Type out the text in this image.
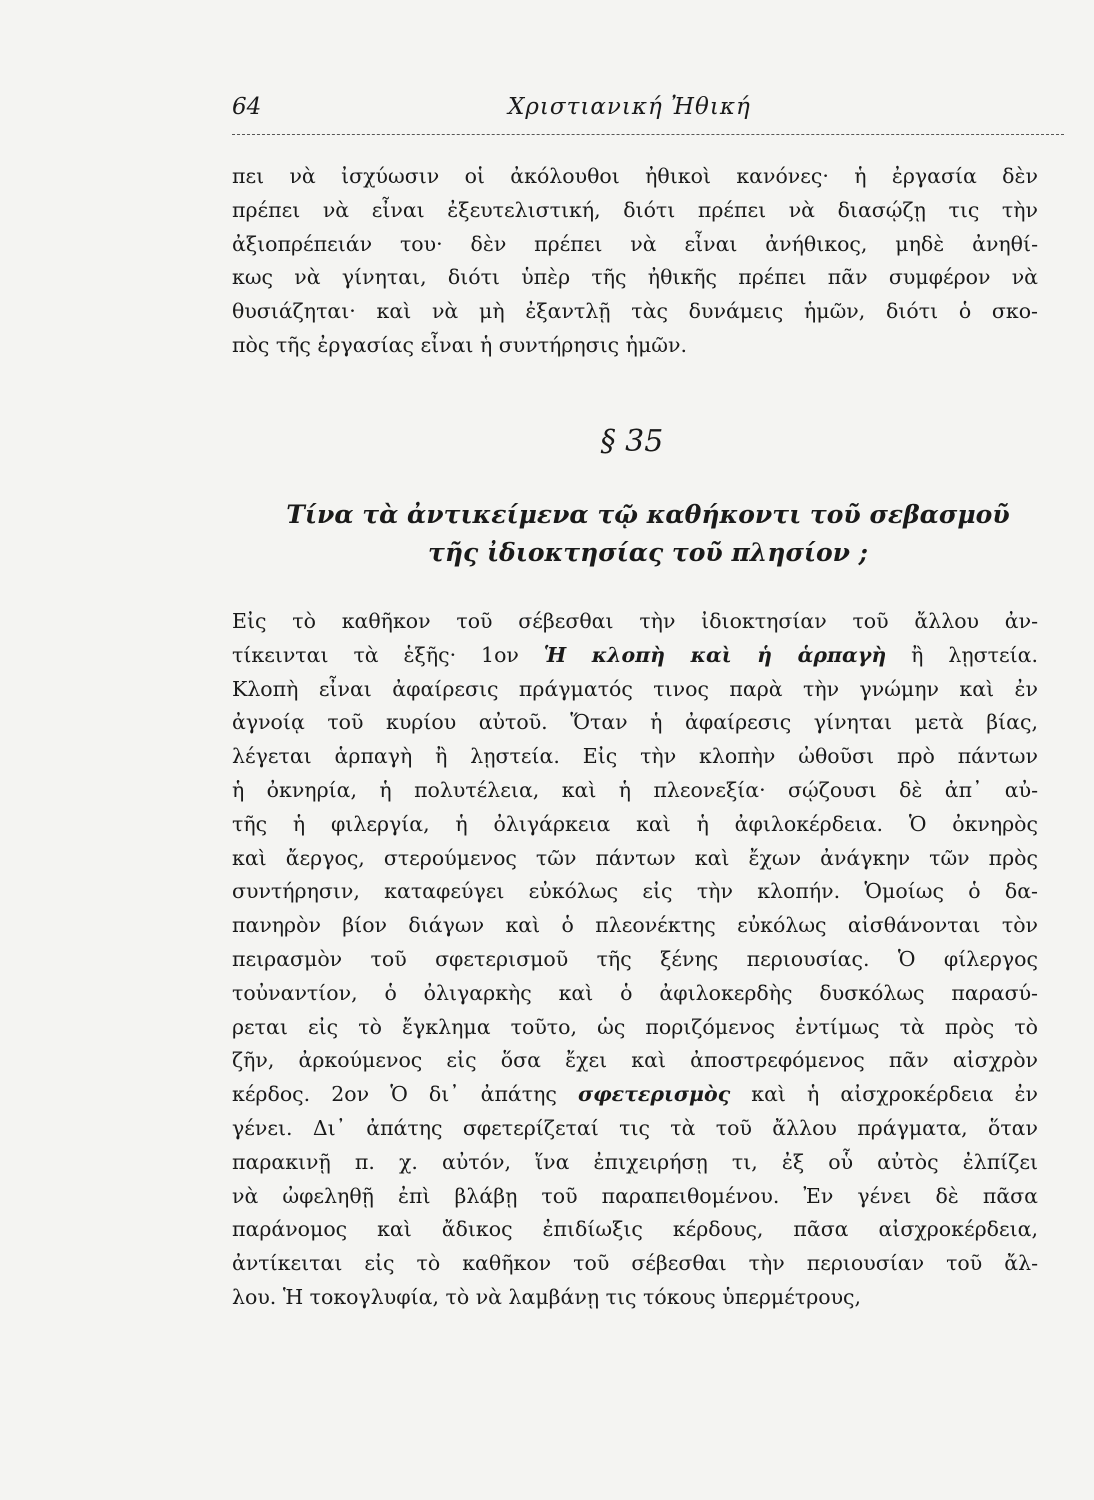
64	Χριστιανική Ἠθική
πει νὰ ἰσχύωσιν οἱ ἀκόλουθοι ἠθικοὶ κανόνες· ἡ ἐργασία δὲν
πρέπει νὰ εἶναι ἐξευτελιστική, διότι πρέπει νὰ διασῴζῃ τις τὴν
ἀξιοπρέπειάν του· δὲν πρέπει νὰ εἶναι ἀνήθικος, μηδὲ ἀνηθί-
κως νὰ γίνηται, διότι ὑπὲρ τῆς ἠθικῆς πρέπει πᾶν συμφέρον νὰ
θυσιάζηται· καὶ νὰ μὴ ἐξαντλῇ τὰς δυνάμεις ἡμῶν, διότι ὁ σκο-
πὸς τῆς ἐργασίας εἶναι ἡ συντήρησις ἡμῶν.
§ 35
Τίνα τὰ ἀντικείμενα τῷ καθήκοντι τοῦ σεβασμοῦ
τῆς ἰδιοκτησίας τοῦ πλησίον ;
Εἰς τὸ καθῆκον τοῦ σέβεσθαι τὴν ἰδιοκτησίαν τοῦ ἄλλου ἀν-
τίκεινται τὰ ἑξῆς· 1ον Ἡ κλοπὴ καὶ ἡ ἁρπαγὴ ἢ λῃστεία.
Κλοπὴ εἶναι ἀφαίρεσις πράγματός τινος παρὰ τὴν γνώμην καὶ ἐν
ἀγνοίᾳ τοῦ κυρίου αὐτοῦ. Ὅταν ἡ ἀφαίρεσις γίνηται μετὰ βίας,
λέγεται ἁρπαγὴ ἢ λῃστεία. Εἰς τὴν κλοπὴν ὠθοῦσι πρὸ πάντων
ἡ ὀκνηρία, ἡ πολυτέλεια, καὶ ἡ πλεονεξία· σῴζουσι δὲ ἀπ᾽ αὐ-
τῆς ἡ φιλεργία, ἡ ὀλιγάρκεια καὶ ἡ ἀφιλοκέρδεια. Ὁ ὀκνηρὸς
καὶ ἄεργος, στερούμενος τῶν πάντων καὶ ἔχων ἀνάγκην τῶν πρὸς
συντήρησιν, καταφεύγει εὐκόλως εἰς τὴν κλοπήν. Ὁμοίως ὁ δα-
πανηρὸν βίον διάγων καὶ ὁ πλεονέκτης εὐκόλως αἰσθάνονται τὸν
πειρασμὸν τοῦ σφετερισμοῦ τῆς ξένης περιουσίας. Ὁ φίλεργος
τοὐναντίον, ὁ ὀλιγαρκὴς καὶ ὁ ἀφιλοκερδὴς δυσκόλως παρασύ-
ρεται εἰς τὸ ἔγκλημα τοῦτο, ὡς ποριζόμενος ἐντίμως τὰ πρὸς τὸ
ζῆν, ἀρκούμενος εἰς ὅσα ἔχει καὶ ἀποστρεφόμενος πᾶν αἰσχρὸν
κέρδος. 2ον Ὁ δι᾽ ἀπάτης σφετερισμὸς καὶ ἡ αἰσχροκέρδεια ἐν
γένει. Δι᾽ ἀπάτης σφετερίζεταί τις τὰ τοῦ ἄλλου πράγματα, ὅταν
παρακινῇ π. χ. αὐτόν, ἵνα ἐπιχειρήσῃ τι, ἐξ οὗ αὐτὸς ἐλπίζει
νὰ ὠφεληθῇ ἐπὶ βλάβῃ τοῦ παραπειθομένου. Ἐν γένει δὲ πᾶσα
παράνομος καὶ ἄδικος ἐπιδίωξις κέρδους, πᾶσα αἰσχροκέρδεια,
ἀντίκειται εἰς τὸ καθῆκον τοῦ σέβεσθαι τὴν περιουσίαν τοῦ ἄλ-
λου. Ἡ τοκογλυφία, τὸ νὰ λαμβάνῃ τις τόκους ὑπερμέτρους,
